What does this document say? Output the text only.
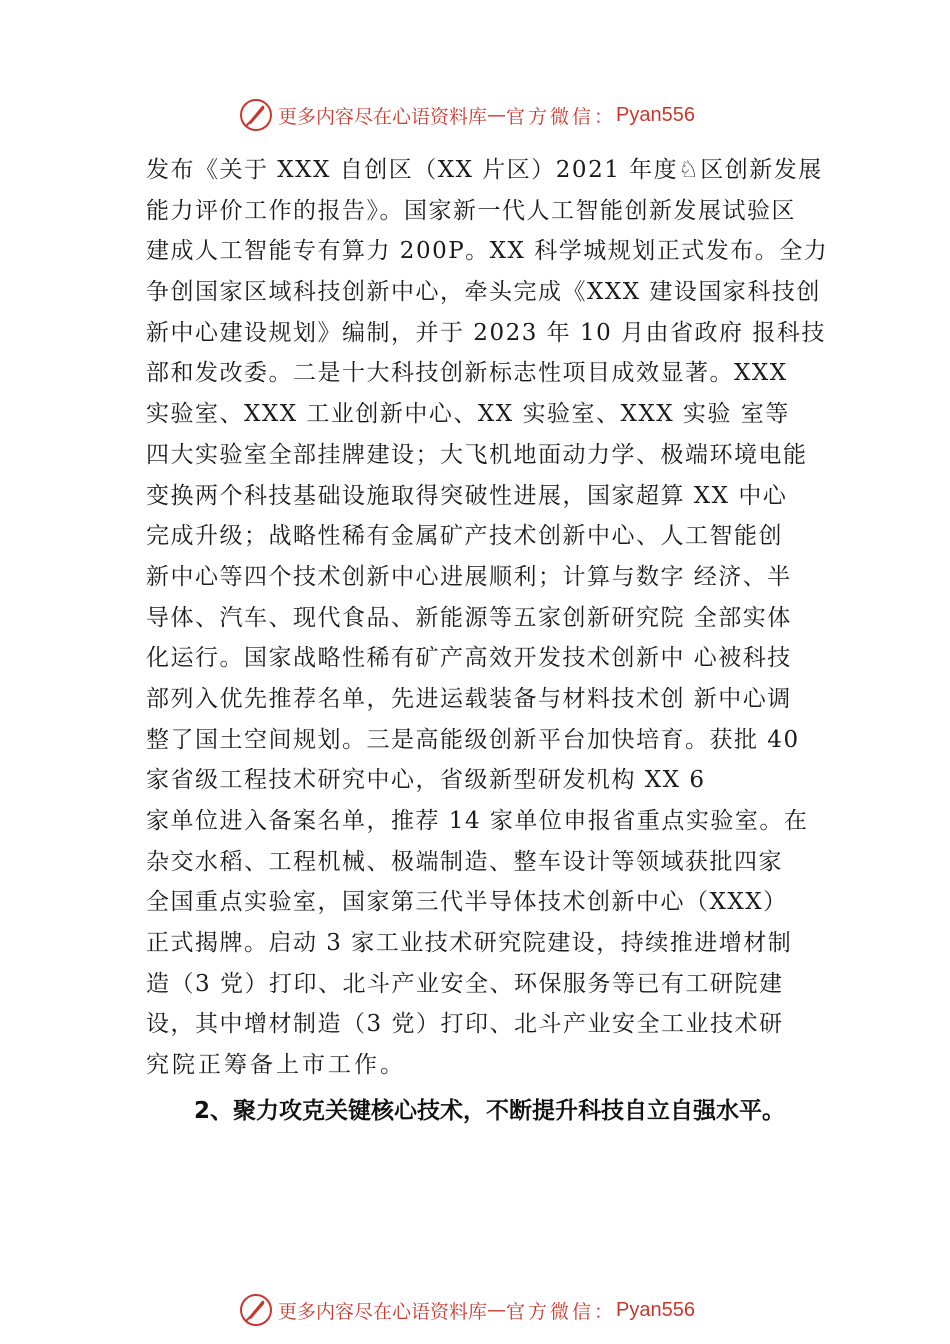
更多内容尽在心语资料库 — 官方微信： Pyan556
发布《关于 XXX 自创区（XX 片区）2021 年度♘区创新发展
能力评价工作的报告》。国家新一代人工智能创新发展试验区
建成人工智能专有算力 200P。XX 科学城规划正式发布。全力
争创国家区域科技创新中心，牵头完成《XXX 建设国家科技创
新中心建设规划》编制，并于 2023 年 10 月由省政府 报科技
部和发改委。二是十大科技创新标志性项目成效显著。XXX
实验室、XXX 工业创新中心、XX 实验室、XXX 实验 室等
四大实验室全部挂牌建设；大飞机地面动力学、极端环境电能
变换两个科技基础设施取得突破性进展，国家超算 XX 中心
完成升级；战略性稀有金属矿产技术创新中心、人工智能创
新中心等四个技术创新中心进展顺利；计算与数字 经济、半
导体、汽车、现代食品、新能源等五家创新研究院 全部实体
化运行。国家战略性稀有矿产高效开发技术创新中 心被科技
部列入优先推荐名单，先进运载装备与材料技术创 新中心调
整了国土空间规划。三是高能级创新平台加快培育。获批 40
家省级工程技术研究中心，省级新型研发机构 XX 6
家单位进入备案名单，推荐 14 家单位申报省重点实验室。在
杂交水稻、工程机械、极端制造、整车设计等领域获批四家
全国重点实验室，国家第三代半导体技术创新中心（XXX）
正式揭牌。启动 3 家工业技术研究院建设，持续推进增材制
造（3 党）打印、北斗产业安全、环保服务等已有工研院建
设，其中增材制造（3 党）打印、北斗产业安全工业技术研
究院正筹备上市工作。
2、聚力攻克关键核心技术，不断提升科技自立自强水平。
更多内容尽在心语资料库 — 官方微信： Pyan556
